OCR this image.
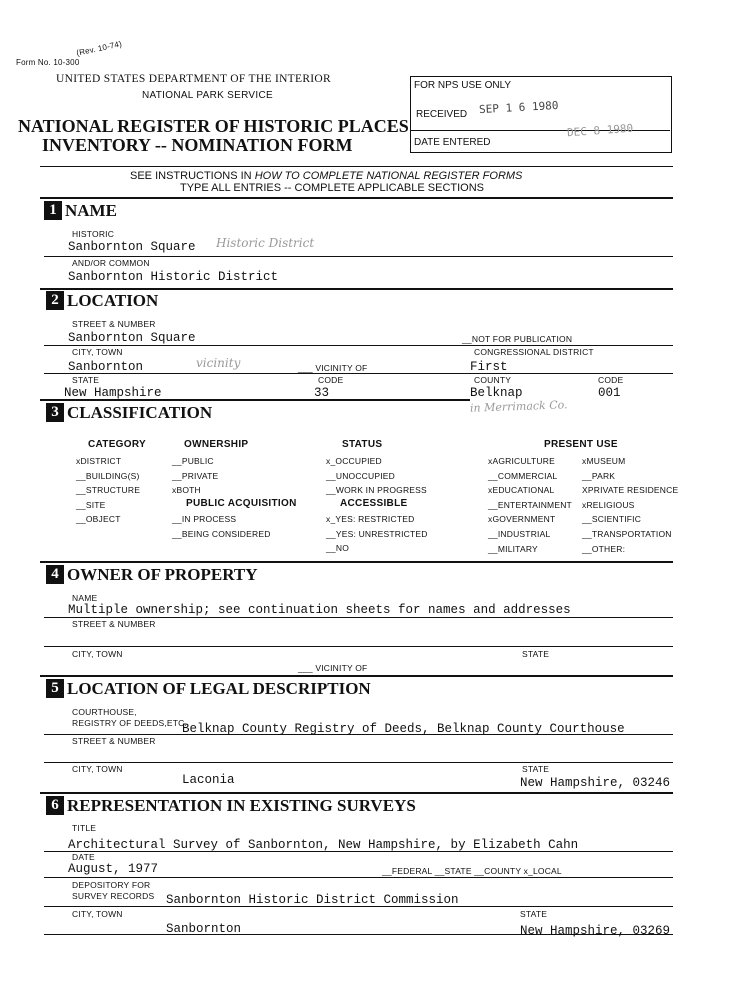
Form No. 10-300
(Rev. 10-74)
UNITED STATES DEPARTMENT OF THE INTERIOR
NATIONAL PARK SERVICE
NATIONAL REGISTER OF HISTORIC PLACES
INVENTORY -- NOMINATION FORM
FOR NPS USE ONLY
RECEIVED SEP 1 6 1980
DATE ENTERED
DEC 8 1980
SEE INSTRUCTIONS IN HOW TO COMPLETE NATIONAL REGISTER FORMS
TYPE ALL ENTRIES -- COMPLETE APPLICABLE SECTIONS
1 NAME
HISTORIC
Sanbornton Square Historic District
AND/OR COMMON
Sanbornton Historic District
2 LOCATION
STREET & NUMBER
Sanbornton Square	__NOT FOR PUBLICATION
CITY, TOWN	CONGRESSIONAL DISTRICT
Sanbornton	vicinity	___ VICINITY OF	First
STATE	CODE	COUNTY	CODE
New Hampshire	33	Belknap	001
in Merrimack Co.
3 CLASSIFICATION
CATEGORY
xDISTRICT
__BUILDING(S)
__STRUCTURE
__SITE
__OBJECT
OWNERSHIP
__PUBLIC
__PRIVATE
xBOTH
PUBLIC ACQUISITION
__IN PROCESS
__BEING CONSIDERED
STATUS
x_OCCUPIED
__UNOCCUPIED
__WORK IN PROGRESS
ACCESSIBLE
x_YES: RESTRICTED
__YES: UNRESTRICTED
__NO
PRESENT USE
xAGRICULTURE
__COMMERCIAL
xEDUCATIONAL
__ENTERTAINMENT
xGOVERNMENT
__INDUSTRIAL
__MILITARY
xMUSEUM
__PARK
XPRIVATE RESIDENCE
xRELIGIOUS
__SCIENTIFIC
__TRANSPORTATION
__OTHER:
4 OWNER OF PROPERTY
NAME
Multiple ownership; see continuation sheets for names and addresses
STREET & NUMBER
CITY, TOWN	STATE
___ VICINITY OF
5 LOCATION OF LEGAL DESCRIPTION
COURTHOUSE,
REGISTRY OF DEEDS,ETC.
Belknap County Registry of Deeds, Belknap County Courthouse
STREET & NUMBER
CITY, TOWN	STATE
Laconia	New Hampshire, 03246
6 REPRESENTATION IN EXISTING SURVEYS
TITLE
Architectural Survey of Sanbornton, New Hampshire, by Elizabeth Cahn
DATE
August, 1977	__FEDERAL __STATE __COUNTY x_LOCAL
DEPOSITORY FOR
SURVEY RECORDS Sanbornton Historic District Commission
CITY, TOWN	STATE
Sanbornton	New Hampshire, 03269
